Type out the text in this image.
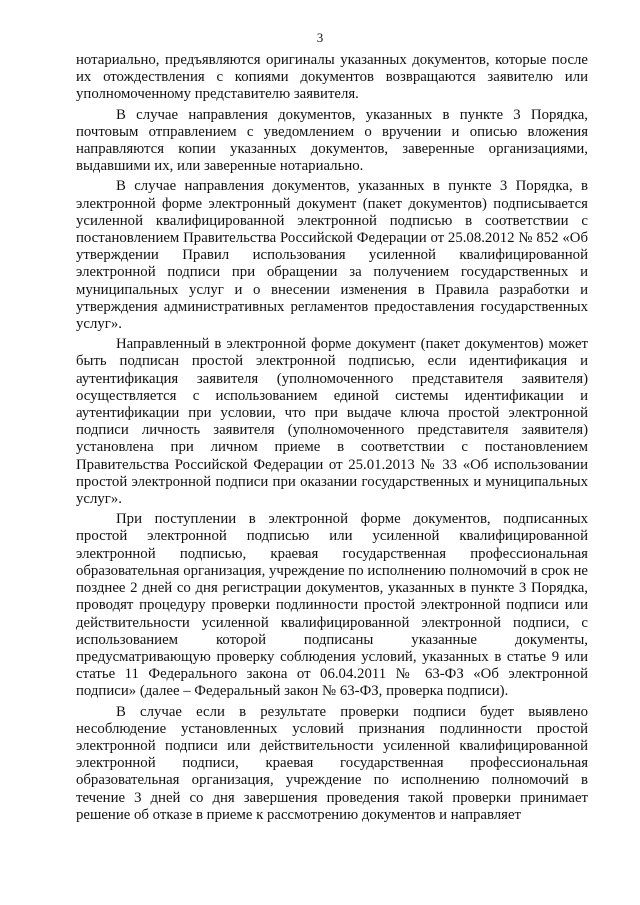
3

нотариально, предъявляются оригиналы указанных документов, которые после их отождествления с копиями документов возвращаются заявителю или уполномоченному представителю заявителя.

В случае направления документов, указанных в пункте 3 Порядка, почтовым отправлением с уведомлением о вручении и описью вложения направляются копии указанных документов, заверенные организациями, выдавшими их, или заверенные нотариально.

В случае направления документов, указанных в пункте 3 Порядка, в электронной форме электронный документ (пакет документов) подписывается усиленной квалифицированной электронной подписью в соответствии с постановлением Правительства Российской Федерации от 25.08.2012 № 852 «Об утверждении Правил использования усиленной квалифицированной электронной подписи при обращении за получением государственных и муниципальных услуг и о внесении изменения в Правила разработки и утверждения административных регламентов предоставления государственных услуг».

Направленный в электронной форме документ (пакет документов) может быть подписан простой электронной подписью, если идентификация и аутентификация заявителя (уполномоченного представителя заявителя) осуществляется с использованием единой системы идентификации и аутентификации при условии, что при выдаче ключа простой электронной подписи личность заявителя (уполномоченного представителя заявителя) установлена при личном приеме в соответствии с постановлением Правительства Российской Федерации от 25.01.2013 № 33 «Об использовании простой электронной подписи при оказании государственных и муниципальных услуг».

При поступлении в электронной форме документов, подписанных простой электронной подписью или усиленной квалифицированной электронной подписью, краевая государственная профессиональная образовательная организация, учреждение по исполнению полномочий в срок не позднее 2 дней со дня регистрации документов, указанных в пункте 3 Порядка, проводят процедуру проверки подлинности простой электронной подписи или действительности усиленной квалифицированной электронной подписи, с использованием которой подписаны указанные документы, предусматривающую проверку соблюдения условий, указанных в статье 9 или статье 11 Федерального закона от 06.04.2011 № 63-ФЗ «Об электронной подписи» (далее – Федеральный закон № 63-ФЗ, проверка подписи).

В случае если в результате проверки подписи будет выявлено несоблюдение установленных условий признания подлинности простой электронной подписи или действительности усиленной квалифицированной электронной подписи, краевая государственная профессиональная образовательная организация, учреждение по исполнению полномочий в течение 3 дней со дня завершения проведения такой проверки принимает решение об отказе в приеме к рассмотрению документов и направляет
